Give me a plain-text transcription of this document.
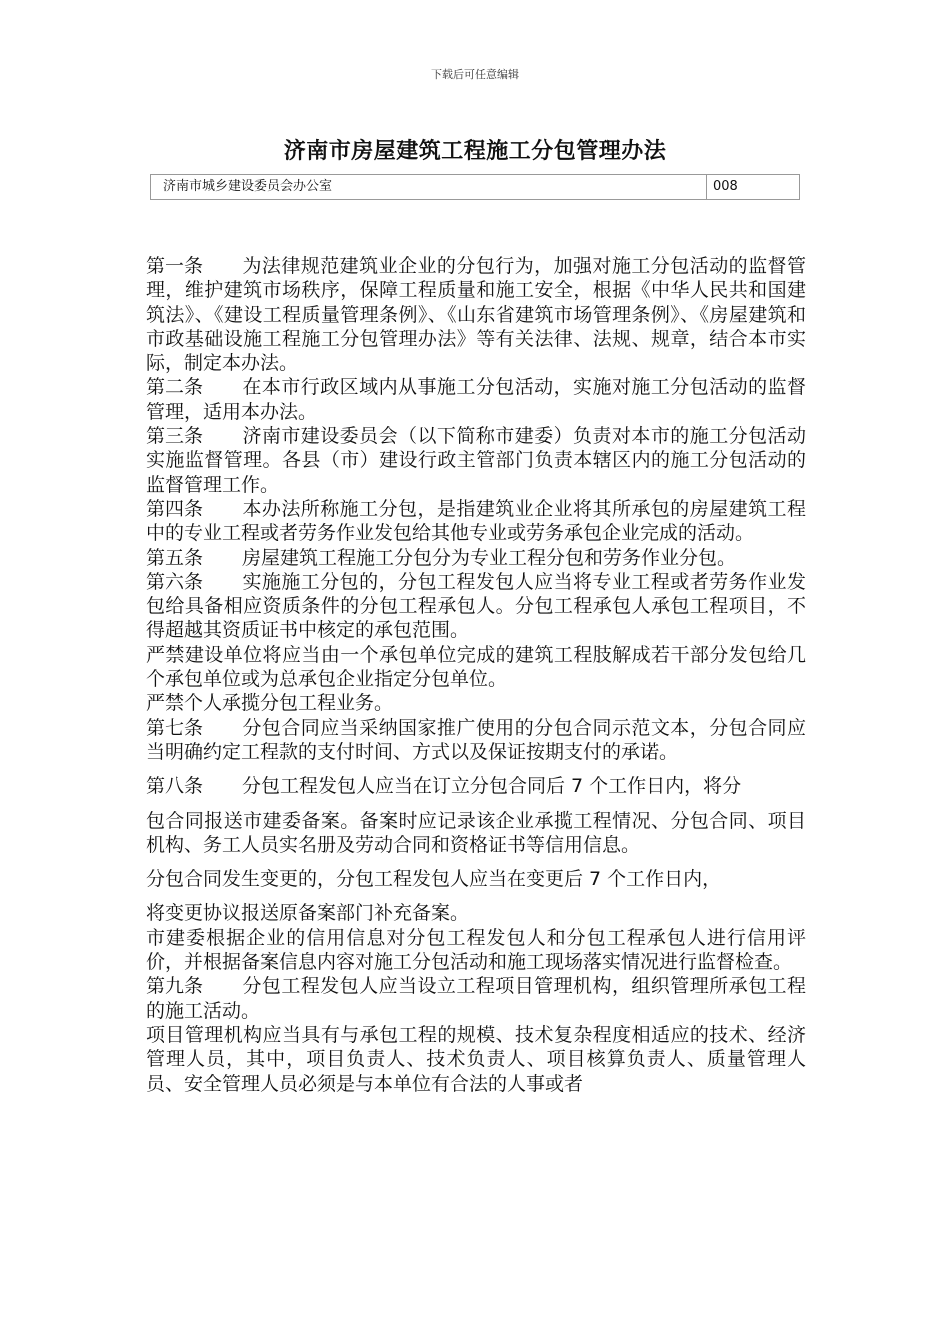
下载后可任意编辑
济南市房屋建筑工程施工分包管理办法
济南市城乡建设委员会办公室	008

第一条 为法律规范建筑业企业的分包行为，加强对施工分包活动的监督管理，维护建筑市场秩序，保障工程质量和施工安全，根据《中华人民共和国建筑法》、《建设工程质量管理条例》、《山东省建筑市场管理条例》、《房屋建筑和市政基础设施工程施工分包管理办法》等有关法律、法规、规章，结合本市实际，制定本办法。

第二条 在本市行政区域内从事施工分包活动，实施对施工分包活动的监督管理，适用本办法。

第三条 济南市建设委员会（以下简称市建委）负责对本市的施工分包活动实施监督管理。各县（市）建设行政主管部门负责本辖区内的施工分包活动的监督管理工作。

第四条 本办法所称施工分包，是指建筑业企业将其所承包的房屋建筑工程中的专业工程或者劳务作业发包给其他专业或劳务承包企业完成的活动。

第五条 房屋建筑工程施工分包分为专业工程分包和劳务作业分包。

第六条 实施施工分包的，分包工程发包人应当将专业工程或者劳务作业发包给具备相应资质条件的分包工程承包人。分包工程承包人承包工程项目，不得超越其资质证书中核定的承包范围。

严禁建设单位将应当由一个承包单位完成的建筑工程肢解成若干部分发包给几个承包单位或为总承包企业指定分包单位。

严禁个人承揽分包工程业务。

第七条 分包合同应当采纳国家推广使用的分包合同示范文本，分包合同应当明确约定工程款的支付时间、方式以及保证按期支付的承诺。

第八条 分包工程发包人应当在订立分包合同后 7 个工作日内，将分

包合同报送市建委备案。备案时应记录该企业承揽工程情况、分包合同、项目机构、务工人员实名册及劳动合同和资格证书等信用信息。

分包合同发生变更的，分包工程发包人应当在变更后 7 个工作日内，

将变更协议报送原备案部门补充备案。

市建委根据企业的信用信息对分包工程发包人和分包工程承包人进行信用评价，并根据备案信息内容对施工分包活动和施工现场落实情况进行监督检查。

第九条 分包工程发包人应当设立工程项目管理机构，组织管理所承包工程的施工活动。

项目管理机构应当具有与承包工程的规模、技术复杂程度相适应的技术、经济管理人员，其中，项目负责人、技术负责人、项目核算负责人、质量管理人员、安全管理人员必须是与本单位有合法的人事或者
